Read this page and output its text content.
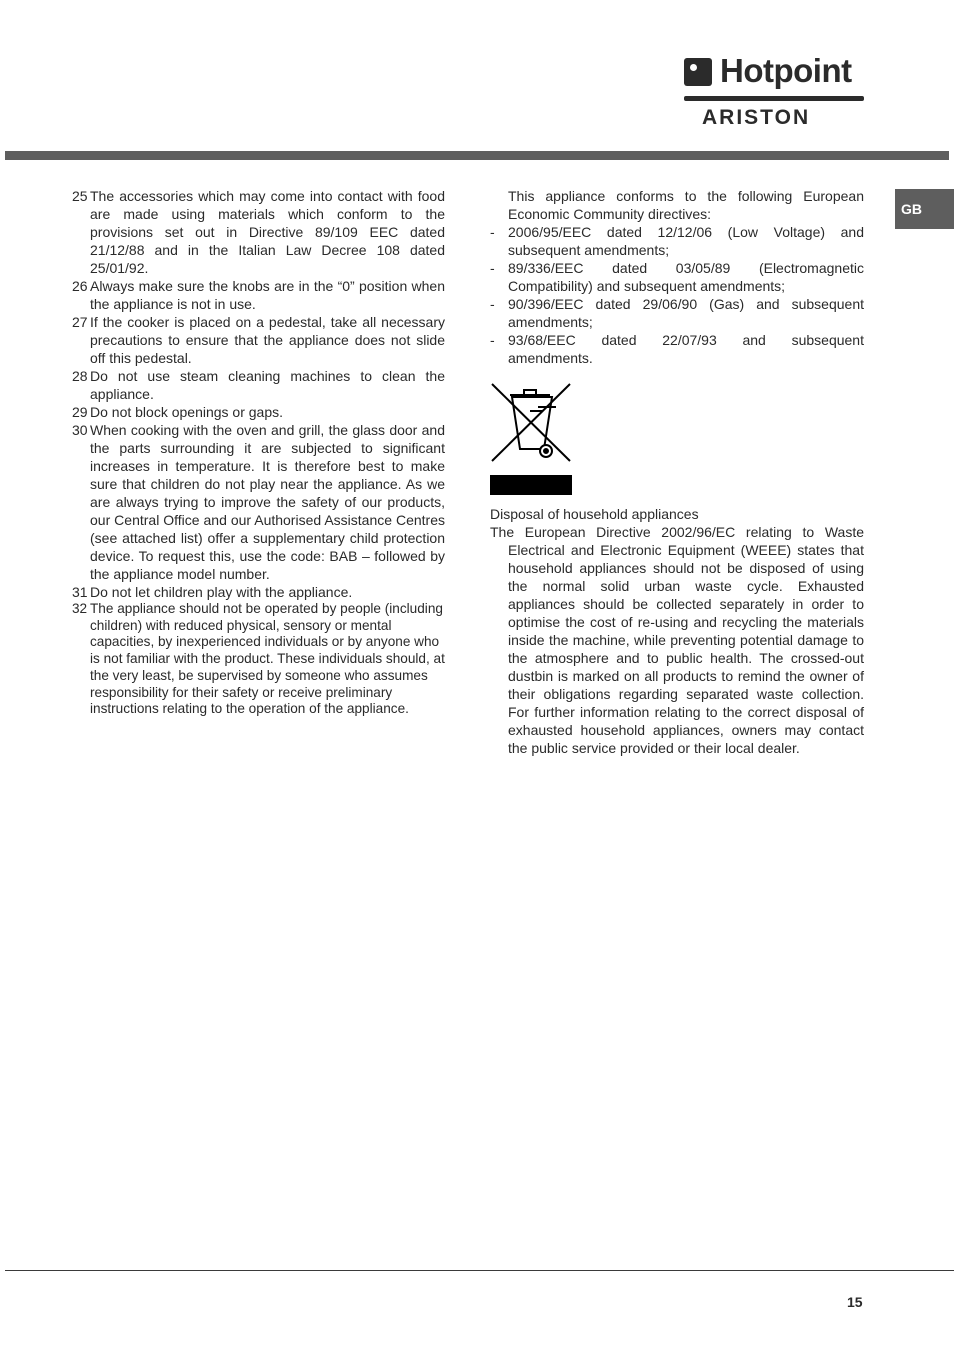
Hotpoint
ARISTON
GB
25 The accessories which may come into contact with food are made using materials which conform to the provisions set out in Directive 89/109 EEC dated 21/12/88 and in the Italian Law Decree 108 dated 25/01/92.
26 Always make sure the knobs are in the “0” position when the appliance is not in use.
27 If the cooker is placed on a pedestal, take all necessary precautions to ensure that the appliance does not slide off this pedestal.
28 Do not use steam cleaning machines to clean the appliance.
29 Do not block openings or gaps.
30 When cooking with the oven and grill, the glass door and the parts surrounding it are subjected to significant increases in temperature. It is therefore best to make sure that children do not play near the appliance. As we are always trying to improve the safety of our products, our Central Office and our Authorised Assistance Centres (see attached list) offer a supplementary child protection device. To request this, use the code: BAB – followed by the appliance model number.
31 Do not let children play with the appliance.
32 The appliance should not be operated by people (including children) with reduced physical, sensory or mental capacities, by inexperienced individuals or by anyone who is not familiar with the product. These individuals should, at the very least, be supervised by someone who assumes responsibility for their safety or receive preliminary instructions relating to the operation of the appliance.
This appliance conforms to the following European Economic Community directives:
- 2006/95/EEC dated 12/12/06 (Low Voltage) and subsequent amendments;
- 89/336/EEC dated 03/05/89 (Electromagnetic Compatibility) and subsequent amendments;
- 90/396/EEC dated 29/06/90 (Gas) and subsequent amendments;
- 93/68/EEC dated 22/07/93 and subsequent amendments.
Disposal of household appliances
The European Directive 2002/96/EC relating to Waste Electrical and Electronic Equipment (WEEE) states that household appliances should not be disposed of using the normal solid urban waste cycle. Exhausted appliances should be collected separately in order to optimise the cost of re-using and recycling the materials inside the machine, while preventing potential damage to the atmosphere and to public health. The crossed-out dustbin is marked on all products to remind the owner of their obligations regarding separated waste collection. For further information relating to the correct disposal of exhausted household appliances, owners may contact the public service provided or their local dealer.
15
